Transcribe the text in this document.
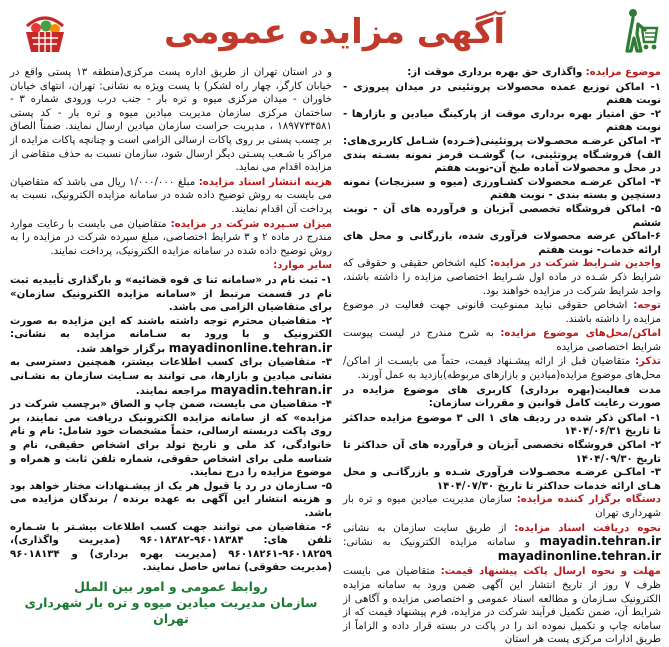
آگهی مزایده عمومی

موضوع مزایده: واگذاری حق بهره برداری موقت از:

۱- اماکن توزیع عمده محصولات پروتئینی در میدان پیروزی - نوبت هفتم
۲- حق امتیاز بهره برداری موقت از پارکینگ میادین و بازارها - نوبت هفتم
۳- اماکن عرضـه محصـولات پروتئینی(خـرده) شـامل کاربری‌های: الف) فروشـگاه پروتئینی، ب) گوشـت قرمز نمونه بسـته بندی در محل و محصولات آماده طبخ آن-نوبت هفتم
۴- اماکن عرضـه محصولات کشـاورزی (میوه و سبزیجات) نمونه دستچین و بسته بندی - نوبت هفتم
۵- اماکن فروشگاه تخصصی آبزیان و فرآورده های آن - نوبت ششم
۶-اماکن عرضه محصولات فرآوری شده، بازرگانی و محل های ارائه خدمات- نوبت هفتم

واجدین شـرایط شرکت در مزایده: کلیه اشخاص حقیقی و حقوقی که شرایط ذکر شـده در ماده اول شـرایط اختصاصی مزایده را داشته باشند، واجد شرایط شرکت در مزایده خواهند بود.

توجه: اشخاص حقوقی نباید ممنوعیت قانونی جهت فعالیت در موضوع مزایده را داشته باشند.

اماکن/محل‌های موضوع مزایده: به شرح مندرج در لیست پیوست شرایط اختصاصی مزایده

تذکر: متقاضیان قبل از ارائه پیشـنهاد قیمت، حتماً می بایسـت از اماکن/ محل‌های موضوع مزایده(میادین و بازارهای مربوطه)بازدید به عمل آورند.

مدت فعالیت(بهره برداری) کاربری های موضوع مزایده در صورت رعایت کامل قوانین و مقررات سازمان:

۱- اماکن ذکر شده در ردیف های ۱ الی ۳ موضوع مزایده حداکثر تا تاریخ ۱۴۰۴/۰۶/۳۱
۲- اماکن فروشگاه تخصصی آبزیان و فرآورده های آن حداکثر تا تاریخ ۱۴۰۴/۰۹/۳۰
۳- اماکـن عرضـه محصـولات فرآوری شـده و بازرگانـی و محل هـای ارائه خدمات حداکثر تا تاریخ ۱۴۰۴/۰۷/۳۰

دستگاه برگزار کننده مزایده: سازمان مدیریت میادین میوه و تره بار شهرداری تهران

نحوه دریافت اسناد مزایده: از طریق سایت سازمان به نشانی mayadin.tehran.ir و سامانه مزایده الکترونیک به نشانی: mayadinonline.tehran.ir

مهلت و نحوه ارسال پاکت پیشنهاد قیمت: متقاضیان می بایست ظرف ۷ روز از تاریخ انتشار این آگهی ضمن ورود به سامانه مزایده الکترونیک سـازمان و مطالعه اسناد عمومی و اختصاصی مزایده و آگاهی از شرایط آن، ضمن تکمیل فرآیند شرکت در مزایده، فرم پیشنهاد قیمت که از سامانه چاپ و تکمیل نموده اند را در پاکت در بسته قرار داده و الزاماً از طریق ادارات مرکزی پست هر استان

و در استان تهران از طریق اداره پست مرکزی(منطقه ۱۳ پستی واقع در خیابان کارگر، چهار راه لشکر) با پست ویژه به نشانی: تهران، انتهای خیابان خاوران - میدان مرکزی میوه و تره بار - جنب درب ورودی شماره ۳ - ساختمان مرکزی سازمان مدیریت میادین میوه و تره بار - کد پستی ۱۸۹۷۷۳۴۵۸۱ ، مدیریت حراست سازمان میادین ارسال نمایند. ضمناً الصاق بر چسب پستی بر روی پاکات ارسالی الزامی است و چنانچه پاکات مزایده از مراکز یا شـعب پسـتی دیگر ارسال شود، سازمان نسبت به حذف متقاضی از مزایده اقدام می نماید.

هزینه انتشار اسناد مزایده: مبلغ ۱/۰۰۰/۰۰۰ ریال می باشد که متقاضیان می بایست به روش توضیح داده شده در سامانه مزایده الکترونیک، نسبت به پرداخت آن اقدام نمایند.

میزان سـپرده شرکت در مزایده: متقاضیان می بایست با رعایت موارد مندرج در ماده ۲ و ۳ شرایط اختصاصی، مبلغ سپرده شرکت در مزایده را به روش توضیح داده شده در سامانه مزایده الکترونیک، پرداخت نمایند.

سایر موارد:

۱- ثبت نام در «سامانه ثنا ی قوه قضائیه» و بارگذاری تأییدیه ثبت نام در قسمت مرتبط از «سامانه مزایده الکترونیک سازمان» برای متقاضیان الزامی می باشد.
۲- متقاضیان محترم توجه داشته باشند که این مزایده به صورت الکترونیک و با ورود به سـامانه مزایده به نشانی: mayadinonline.tehran.ir برگزار خواهد شد.
۳- متقاضیان برای کسب اطلاعات بیشتر، همچنین دسترسی به نشانی میادین و بازارها، می توانند به سـایت سازمان به نشـانی mayadin.tehran.ir مراجعه نمایند.
۴- متقاضیان می بایست، ضمن چاپ و الصاق «برچسب شرکت در مزایده» که از سامانه مزایده الکترونیک دریافت می نمایند، بر روی پاکت دربسته ارسالی، حتماً مشخصات خود شامل: نام و نام خانوادگی، کد ملی و تاریخ تولد برای اشخاص حقیقی، نام و شناسه ملی برای اشخاص حقوقی، شماره تلفن ثابت و همراه و موضوع مزایده را درج نمایند.
۵- سـازمان در رد یا قبول هر یک از پیشـنهادات مختار خواهد بود و هزینه انتشار این آگهی به عهده برنده / برندگان مزایده می باشد.
۶- متقاضیان می توانند جهت کسب اطلاعات بیشـتر با شـماره تلفن های: ۹۶۰۱۸۳۸۴-۹۶۰۱۸۳۸۲ (مدیریت واگذاری)، ۹۶۰۱۸۲۵۹-۹۶۰۱۸۲۶۱ (مدیریت بهره برداری) و ۹۶۰۱۸۱۳۴ (مدیریت حقوقی) تماس حاصل نمایند.
روابط عمومی و امور بین الملل
سازمان مدیریت میادین میوه و تره بار شهرداری تهران
